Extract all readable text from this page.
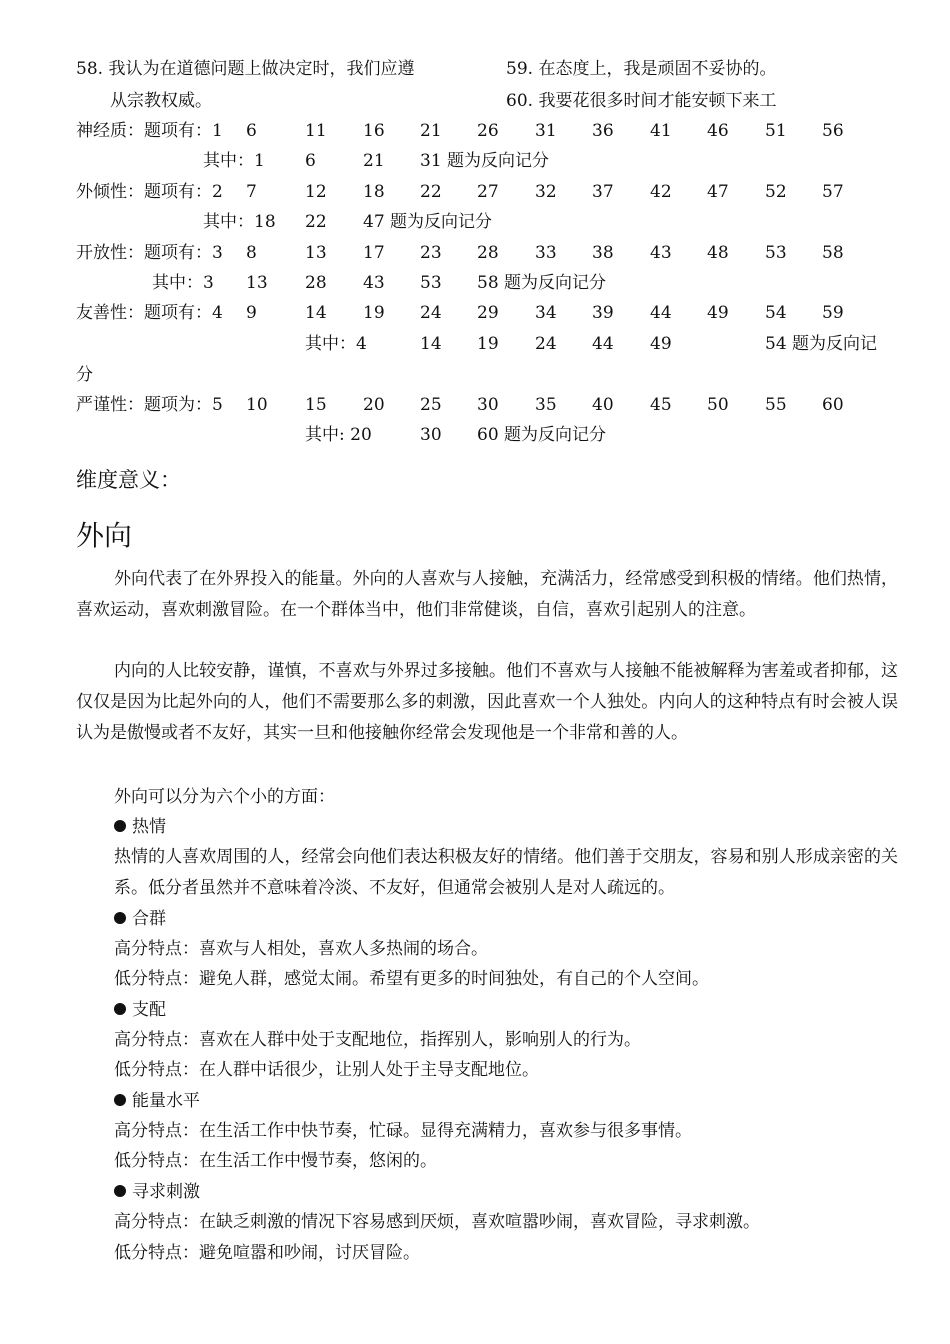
58. 我认为在道德问题上做决定时，我们应遵
从宗教权威。
59. 在态度上，我是顽固不妥协的。
60. 我要花很多时间才能安顿下来工
神经质：题项有：1 6	11 16 21 26 31 36 41 46 51 56
其中：1 6	21 31 题为反向记分
外倾性：题项有：2 7	12 18 22 27 32 37 42 47 52 57
其中：18 22 47 题为反向记分
开放性：题项有：3 8	13 17 23 28 33 38 43 48 53 58
其中：3 13 28 43 53 58 题为反向记分
友善性：题项有：4 9	14 19 24 29 34 39 44 49 54 59
其中：4	14 19 24 44 49	54 题为反向记
分
严谨性：题项为：5 10 15 20 25 30 35 40 45 50 55 60
其中: 20	30 60 题为反向记分
维度意义：
外向
外向代表了在外界投入的能量。外向的人喜欢与人接触，充满活力，经常感受到积极的情绪。他们热情，喜欢运动，喜欢刺激冒险。在一个群体当中，他们非常健谈，自信，喜欢引起别人的注意。
内向的人比较安静，谨慎，不喜欢与外界过多接触。他们不喜欢与人接触不能被解释为害羞或者抑郁，这仅仅是因为比起外向的人，他们不需要那么多的刺激，因此喜欢一个人独处。内向人的这种特点有时会被人误认为是傲慢或者不友好，其实一旦和他接触你经常会发现他是一个非常和善的人。
外向可以分为六个小的方面：
热情
热情的人喜欢周围的人，经常会向他们表达积极友好的情绪。他们善于交朋友，容易和别人形成亲密的关系。低分者虽然并不意味着冷淡、不友好，但通常会被别人是对人疏远的。
合群
高分特点：喜欢与人相处，喜欢人多热闹的场合。
低分特点：避免人群，感觉太闹。希望有更多的时间独处，有自己的个人空间。
支配
高分特点：喜欢在人群中处于支配地位，指挥别人，影响别人的行为。
低分特点：在人群中话很少，让别人处于主导支配地位。
能量水平
高分特点：在生活工作中快节奏，忙碌。显得充满精力，喜欢参与很多事情。
低分特点：在生活工作中慢节奏，悠闲的。
寻求刺激
高分特点：在缺乏刺激的情况下容易感到厌烦，喜欢喧嚣吵闹，喜欢冒险，寻求刺激。
低分特点：避免喧嚣和吵闹，讨厌冒险。
